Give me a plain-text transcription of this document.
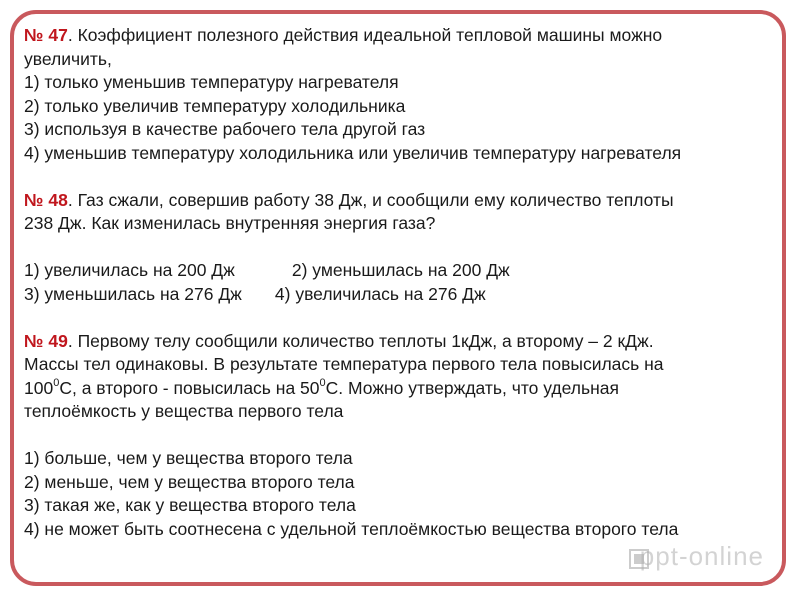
№ 47. Коэффициент полезного действия идеальной тепловой машины можно
увеличить,
1) только уменьшив температуру нагревателя
2) только увеличив температуру холодильника
3) используя в качестве рабочего тела другой газ
4) уменьшив температуру холодильника или увеличив температуру нагревателя
№ 48. Газ сжали, совершив работу 38 Дж, и сообщили ему количество теплоты
238 Дж. Как изменилась внутренняя энергия газа?
1) увеличилась на 200 Дж	2) уменьшилась на 200 Дж
3) уменьшилась на 276 Дж 4) увеличилась на 276 Дж
№ 49. Первому телу сообщили количество теплоты 1кДж, а второму – 2 кДж.
Массы тел одинаковы. В результате температура первого тела повысилась на
$100^0С$, а второго - повысилась на $50^0С$. Можно утверждать, что удельная
теплоёмкость у вещества первого тела
1) больше, чем у вещества второго тела
2) меньше, чем у вещества второго тела
3) такая же, как у вещества второго тела
4) не может быть соотнесена с удельной теплоёмкостью вещества второго тела
ppt-online
